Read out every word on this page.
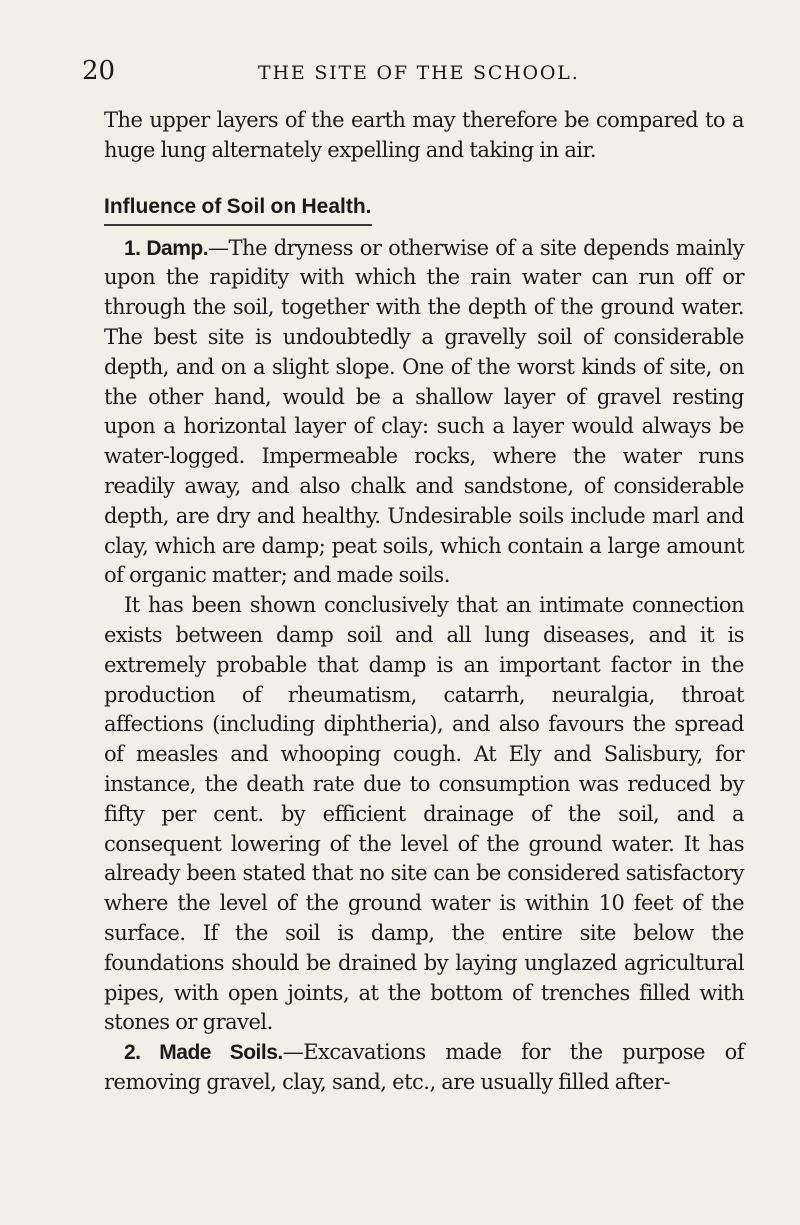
20	THE SITE OF THE SCHOOL.

The upper layers of the earth may therefore be compared to a huge lung alternately expelling and taking in air.

Influence of Soil on Health.

1. Damp.—The dryness or otherwise of a site depends mainly upon the rapidity with which the rain water can run off or through the soil, together with the depth of the ground water. The best site is undoubtedly a gravelly soil of considerable depth, and on a slight slope. One of the worst kinds of site, on the other hand, would be a shallow layer of gravel resting upon a horizontal layer of clay: such a layer would always be water-logged. Impermeable rocks, where the water runs readily away, and also chalk and sandstone, of considerable depth, are dry and healthy. Undesirable soils include marl and clay, which are damp; peat soils, which contain a large amount of organic matter; and made soils.

It has been shown conclusively that an intimate connection exists between damp soil and all lung diseases, and it is extremely probable that damp is an important factor in the production of rheumatism, catarrh, neuralgia, throat affections (including diphtheria), and also favours the spread of measles and whooping cough. At Ely and Salisbury, for instance, the death rate due to consumption was reduced by fifty per cent. by efficient drainage of the soil, and a consequent lowering of the level of the ground water. It has already been stated that no site can be considered satisfactory where the level of the ground water is within 10 feet of the surface. If the soil is damp, the entire site below the foundations should be drained by laying unglazed agricultural pipes, with open joints, at the bottom of trenches filled with stones or gravel.

2. Made Soils.—Excavations made for the purpose of removing gravel, clay, sand, etc., are usually filled after-
